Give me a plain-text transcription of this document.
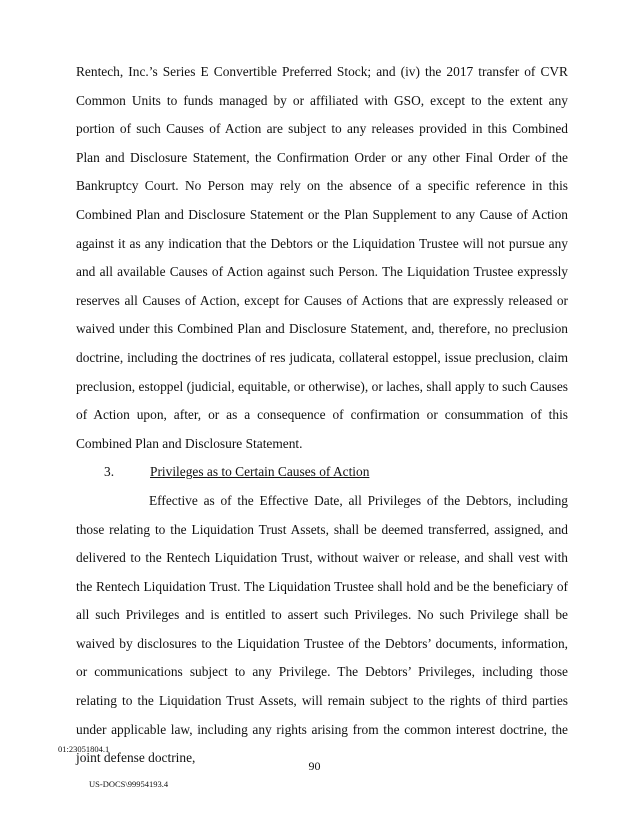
Rentech, Inc.’s Series E Convertible Preferred Stock; and (iv) the 2017 transfer of CVR Common Units to funds managed by or affiliated with GSO, except to the extent any portion of such Causes of Action are subject to any releases provided in this Combined Plan and Disclosure Statement, the Confirmation Order or any other Final Order of the Bankruptcy Court. No Person may rely on the absence of a specific reference in this Combined Plan and Disclosure Statement or the Plan Supplement to any Cause of Action against it as any indication that the Debtors or the Liquidation Trustee will not pursue any and all available Causes of Action against such Person. The Liquidation Trustee expressly reserves all Causes of Action, except for Causes of Actions that are expressly released or waived under this Combined Plan and Disclosure Statement, and, therefore, no preclusion doctrine, including the doctrines of res judicata, collateral estoppel, issue preclusion, claim preclusion, estoppel (judicial, equitable, or otherwise), or laches, shall apply to such Causes of Action upon, after, or as a consequence of confirmation or consummation of this Combined Plan and Disclosure Statement.

3.	Privileges as to Certain Causes of Action

Effective as of the Effective Date, all Privileges of the Debtors, including those relating to the Liquidation Trust Assets, shall be deemed transferred, assigned, and delivered to the Rentech Liquidation Trust, without waiver or release, and shall vest with the Rentech Liquidation Trust. The Liquidation Trustee shall hold and be the beneficiary of all such Privileges and is entitled to assert such Privileges. No such Privilege shall be waived by disclosures to the Liquidation Trustee of the Debtors’ documents, information, or communications subject to any Privilege. The Debtors’ Privileges, including those relating to the Liquidation Trust Assets, will remain subject to the rights of third parties under applicable law, including any rights arising from the common interest doctrine, the joint defense doctrine,

01:23051804.1
90
US-DOCS\99954193.4
